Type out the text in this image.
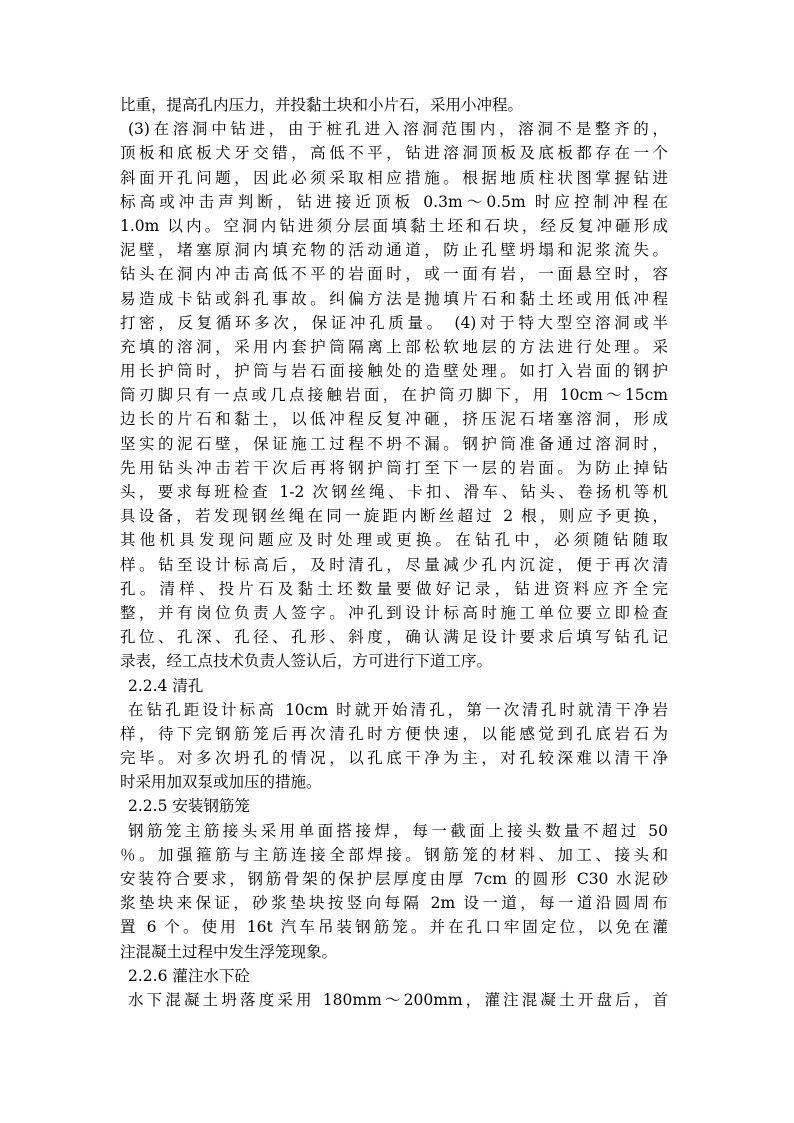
比重，提高孔内压力，并投黏土块和小片石，采用小冲程。
(3)在溶洞中钻进，由于桩孔进入溶洞范围内，溶洞不是整齐的，
顶板和底板犬牙交错，高低不平，钻进溶洞顶板及底板都存在一个
斜面开孔问题，因此必须采取相应措施。根据地质柱状图掌握钻进
标高或冲击声判断，钻进接近顶板 0.3m～0.5m 时应控制冲程在
1.0m 以内。空洞内钻进须分层面填黏土坯和石块，经反复冲砸形成
泥壁，堵塞原洞内填充物的活动通道，防止孔壁坍塌和泥浆流失。
钻头在洞内冲击高低不平的岩面时，或一面有岩，一面悬空时，容
易造成卡钻或斜孔事故。纠偏方法是抛填片石和黏土坯或用低冲程
打密，反复循环多次，保证冲孔质量。 (4)对于特大型空溶洞或半
充填的溶洞，采用内套护筒隔离上部松软地层的方法进行处理。采
用长护筒时，护筒与岩石面接触处的造壁处理。如打入岩面的钢护
筒刃脚只有一点或几点接触岩面，在护筒刃脚下，用 10cm～15cm
边长的片石和黏土，以低冲程反复冲砸，挤压泥石堵塞溶洞，形成
坚实的泥石壁，保证施工过程不坍不漏。钢护筒准备通过溶洞时，
先用钻头冲击若干次后再将钢护筒打至下一层的岩面。为防止掉钻
头，要求每班检查 1-2 次钢丝绳、卡扣、滑车、钻头、卷扬机等机
具设备，若发现钢丝绳在同一旋距内断丝超过 2 根，则应予更换，
其他机具发现问题应及时处理或更换。在钻孔中，必须随钻随取
样。钻至设计标高后，及时清孔，尽量减少孔内沉淀，便于再次清
孔。清样、投片石及黏土坯数量要做好记录，钻进资料应齐全完
整，并有岗位负责人签字。冲孔到设计标高时施工单位要立即检查
孔位、孔深、孔径、孔形、斜度，确认满足设计要求后填写钻孔记
录表，经工点技术负责人签认后，方可进行下道工序。
2.2.4 清孔
在钻孔距设计标高 10cm 时就开始清孔，第一次清孔时就清干净岩
样，待下完钢筋笼后再次清孔时方便快速，以能感觉到孔底岩石为
完毕。对多次坍孔的情况，以孔底干净为主，对孔较深难以清干净
时采用加双泵或加压的措施。
2.2.5 安装钢筋笼
钢筋笼主筋接头采用单面搭接焊，每一截面上接头数量不超过 50
％。加强箍筋与主筋连接全部焊接。钢筋笼的材料、加工、接头和
安装符合要求，钢筋骨架的保护层厚度由厚 7cm 的圆形 C30 水泥砂
浆垫块来保证，砂浆垫块按竖向每隔 2m 设一道，每一道沿圆周布
置 6 个。使用 16t 汽车吊装钢筋笼。并在孔口牢固定位，以免在灌
注混凝土过程中发生浮笼现象。
2.2.6 灌注水下砼
水下混凝土坍落度采用 180mm～200mm，灌注混凝土开盘后，首
